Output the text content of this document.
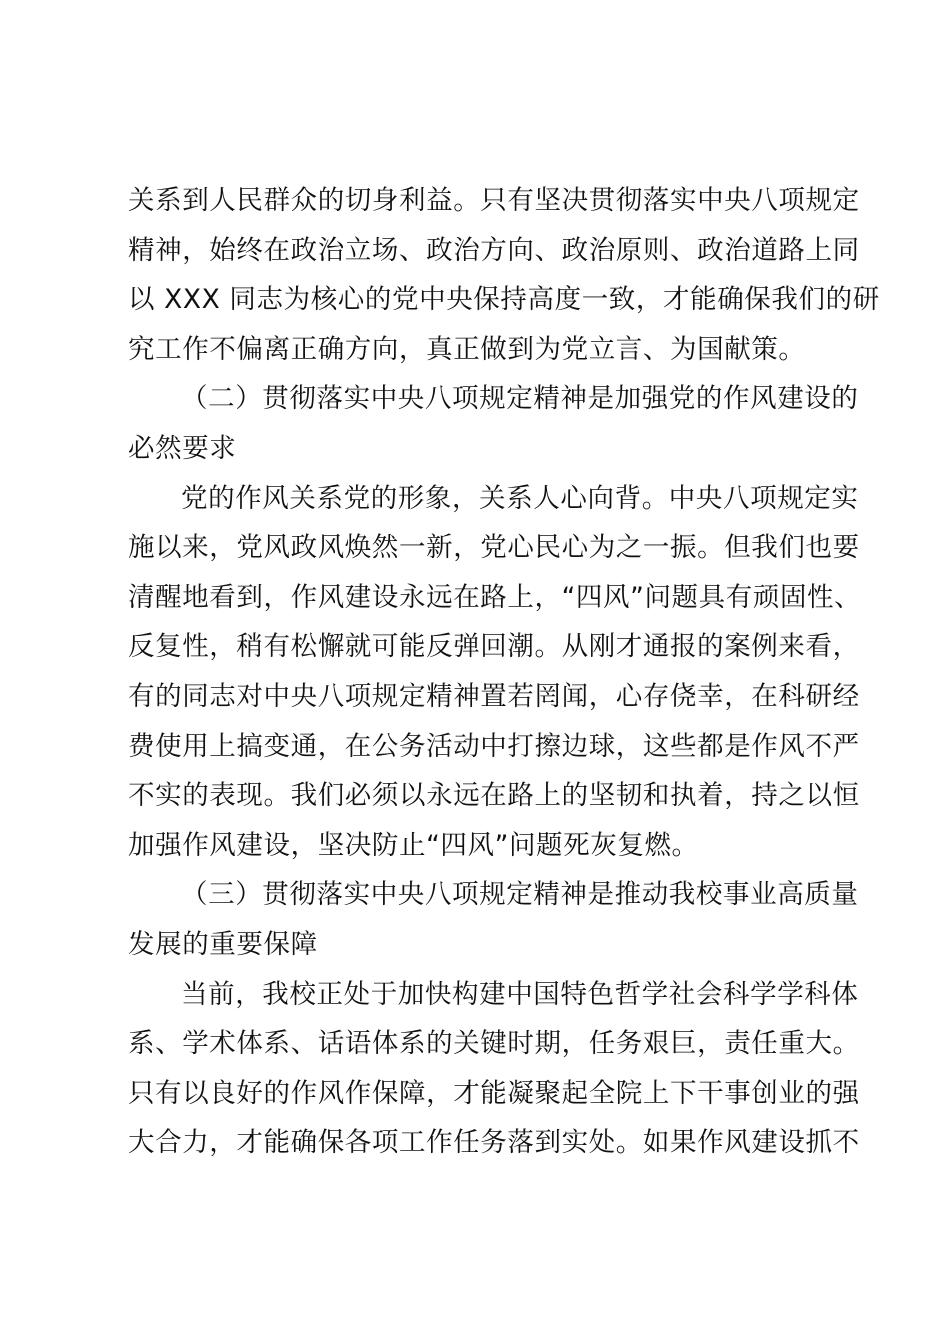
关系到人民群众的切身利益。只有坚决贯彻落实中央八项规定
精神，始终在政治立场、政治方向、政治原则、政治道路上同
以 XXX 同志为核心的党中央保持高度一致，才能确保我们的研
究工作不偏离正确方向，真正做到为党立言、为国献策。

（二）贯彻落实中央八项规定精神是加强党的作风建设的
必然要求

党的作风关系党的形象，关系人心向背。中央八项规定实
施以来，党风政风焕然一新，党心民心为之一振。但我们也要
清醒地看到，作风建设永远在路上，“四风”问题具有顽固性、
反复性，稍有松懈就可能反弹回潮。从刚才通报的案例来看，
有的同志对中央八项规定精神置若罔闻，心存侥幸，在科研经
费使用上搞变通，在公务活动中打擦边球，这些都是作风不严
不实的表现。我们必须以永远在路上的坚韧和执着，持之以恒
加强作风建设，坚决防止“四风”问题死灰复燃。

（三）贯彻落实中央八项规定精神是推动我校事业高质量
发展的重要保障

当前，我校正处于加快构建中国特色哲学社会科学学科体
系、学术体系、话语体系的关键时期，任务艰巨，责任重大。
只有以良好的作风作保障，才能凝聚起全院上下干事创业的强
大合力，才能确保各项工作任务落到实处。如果作风建设抓不
